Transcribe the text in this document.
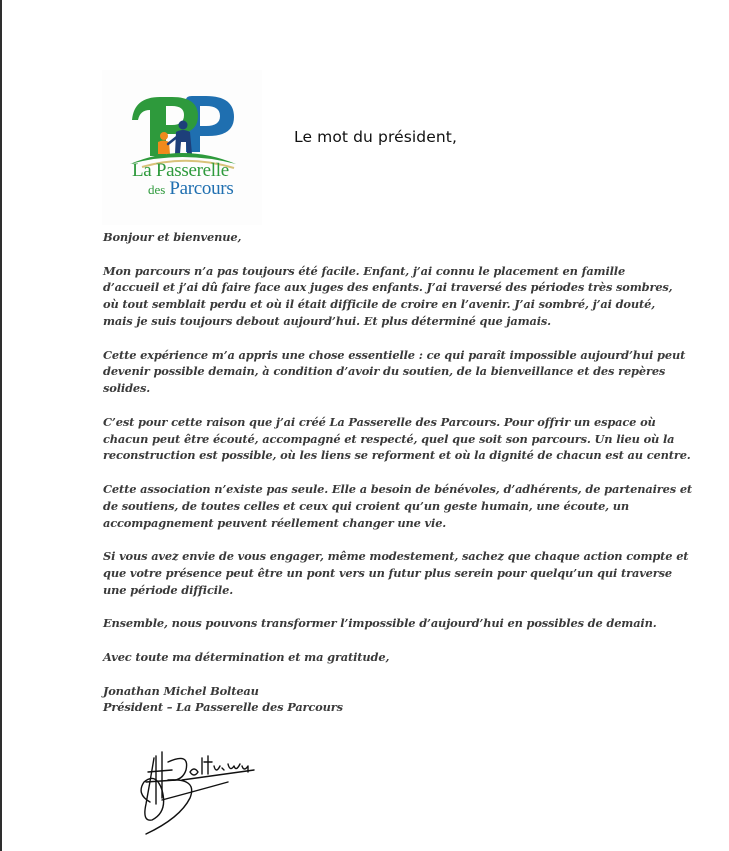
La Passerelle
des Parcours
Le mot du président,

Bonjour et bienvenue,

Mon parcours n’a pas toujours été facile. Enfant, j’ai connu le placement en famille
d’accueil et j’ai dû faire face aux juges des enfants. J’ai traversé des périodes très sombres,
où tout semblait perdu et où il était difficile de croire en l’avenir. J’ai sombré, j’ai douté,
mais je suis toujours debout aujourd’hui. Et plus déterminé que jamais.

Cette expérience m’a appris une chose essentielle : ce qui paraît impossible aujourd’hui peut
devenir possible demain, à condition d’avoir du soutien, de la bienveillance et des repères
solides.

C’est pour cette raison que j’ai créé La Passerelle des Parcours. Pour offrir un espace où
chacun peut être écouté, accompagné et respecté, quel que soit son parcours. Un lieu où la
reconstruction est possible, où les liens se reforment et où la dignité de chacun est au centre.

Cette association n’existe pas seule. Elle a besoin de bénévoles, d’adhérents, de partenaires et
de soutiens, de toutes celles et ceux qui croient qu’un geste humain, une écoute, un
accompagnement peuvent réellement changer une vie.

Si vous avez envie de vous engager, même modestement, sachez que chaque action compte et
que votre présence peut être un pont vers un futur plus serein pour quelqu’un qui traverse
une période difficile.

Ensemble, nous pouvons transformer l’impossible d’aujourd’hui en possibles de demain.

Avec toute ma détermination et ma gratitude,

Jonathan Michel Bolteau

Président – La Passerelle des Parcours
